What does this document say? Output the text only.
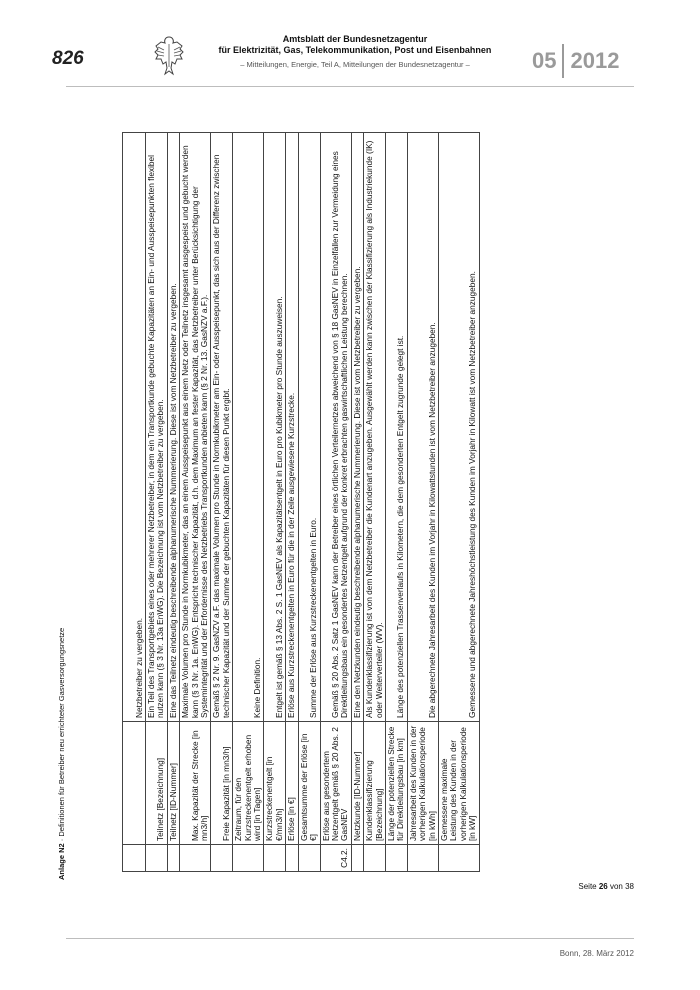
826
Amtsblatt der Bundesnetzagentur
für Elektrizität, Gas, Telekommunikation, Post und Eisenbahnen
– Mitteilungen, Energie, Teil A, Mitteilungen der Bundesnetzagentur –	05 2012
Anlage N2 · Definitionen für Betreiber neu errichteter Gasversorgungsnetze
			Netzbetreiber zu vergeben.
	Teilnetz [Bezeichnung]	Ein Teil des Transportgebiets eines oder mehrerer Netzbetreiber, in dem ein Transportkunde gebuchte Kapazitäten an Ein- und Ausspeisepunkten flexibel nutzen kann (§ 3 Nr. 13a EnWG). Die Bezeichnung ist vom Netzbetreiber zu vergeben.
	Teilnetz [ID-Nummer]	Eine das Teilnetz eindeutig beschreibende alphanumerische Nummerierung. Diese ist vom Netzbetreiber zu vergeben.
	Max. Kapazität der Strecke [in mn3/h]	Maximale Volumen pro Stunde in Normkubikmeter, das an einem Ausspeisepunkt aus einem Netz oder Teilnetz insgesamt ausgespeist und gebucht werden kann (§ 3 Nr. 1a. EnWG). Entspricht technischer Kapazität, d.h. dem Maximum an fester Kapazität, das Netzbetreiber unter Berücksichtigung der Systemintegrität und der Erfordernisse des Netzbetriebs Transportkunden anbieten kann (§ 2 Nr. 13. GasNZV a.F.).
	Freie Kapazität [in mn3/h]	Gemäß § 2 Nr. 9. GasNZV a.F. das maximale Volumen pro Stunde in Normkubikmeter am Ein- oder Ausspeisepunkt, das sich aus der Differenz zwischen technischer Kapazität und der Summe der gebuchten Kapazitäten für diesen Punkt ergibt.
	Zeitraum, für den Kurzstreckenentgelt erhoben wird [in Tagen]	Keine Definition.
	Kurzstreckenentgelt [in €/mn3/h]	Entgelt ist gemäß § 13 Abs. 2 S. 1 GasNEV als Kapazitätsentgelt in Euro pro Kubikmeter pro Stunde auszuweisen.
	Erlöse [in €]	Erlöse aus Kurzstreckenentgelten in Euro für die in der Zeile ausgewiesene Kurzstrecke.
	Gesamtsumme der Erlöse [in €]	Summe der Erlöse aus Kurzstreckenentgelten in Euro.
C4.2.	Erlöse aus gesondertem Netzentgelt gemäß § 20 Abs. 2 GasNEV	Gemäß § 20 Abs. 2 Satz 1 GasNEV kann der Betreiber eines örtlichen Verteilernetzes abweichend von § 18 GasNEV in Einzelfällen zur Vermeidung eines Direktleitungsbaus ein gesondertes Netzentgelt aufgrund der konkret erbrachten gaswirtschaftlichen Leistung berechnen.
	Netzkunde [ID-Nummer]	Eine den Netzkunden eindeutig beschreibende alphanumerische Nummerierung. Diese ist vom Netzbetreiber zu vergeben.
	Kundenklassifizierung [Bezeichnung]	Als Kundenklassifizierung ist von dem Netzbetreiber die Kundenart anzugeben. Ausgewählt werden kann zwischen der Klassifizierung als Industriekunde (IK) oder Weiterverteiler (WV).
	Länge der potenziellen Strecke für Direktleitungsbau [in km]	Länge des potenziellen Trassenverlaufs in Kilometern, die dem gesonderten Entgelt zugrunde gelegt ist.
	Jahresarbeit des Kunden in der vorherigen Kalkulationsperiode [in kWh]	Die abgerechnete Jahresarbeit des Kunden im Vorjahr in Kilowattstunden ist vom Netzbetreiber anzugeben.
	Gemessene maximale Leistung des Kunden in der vorherigen Kalkulationsperiode [in kW]	Gemessene und abgerechnete Jahreshöchstleistung des Kunden im Vorjahr in Kilowatt ist vom Netzbetreiber anzugeben.
Seite 26 von 38
Bonn, 28. März 2012
